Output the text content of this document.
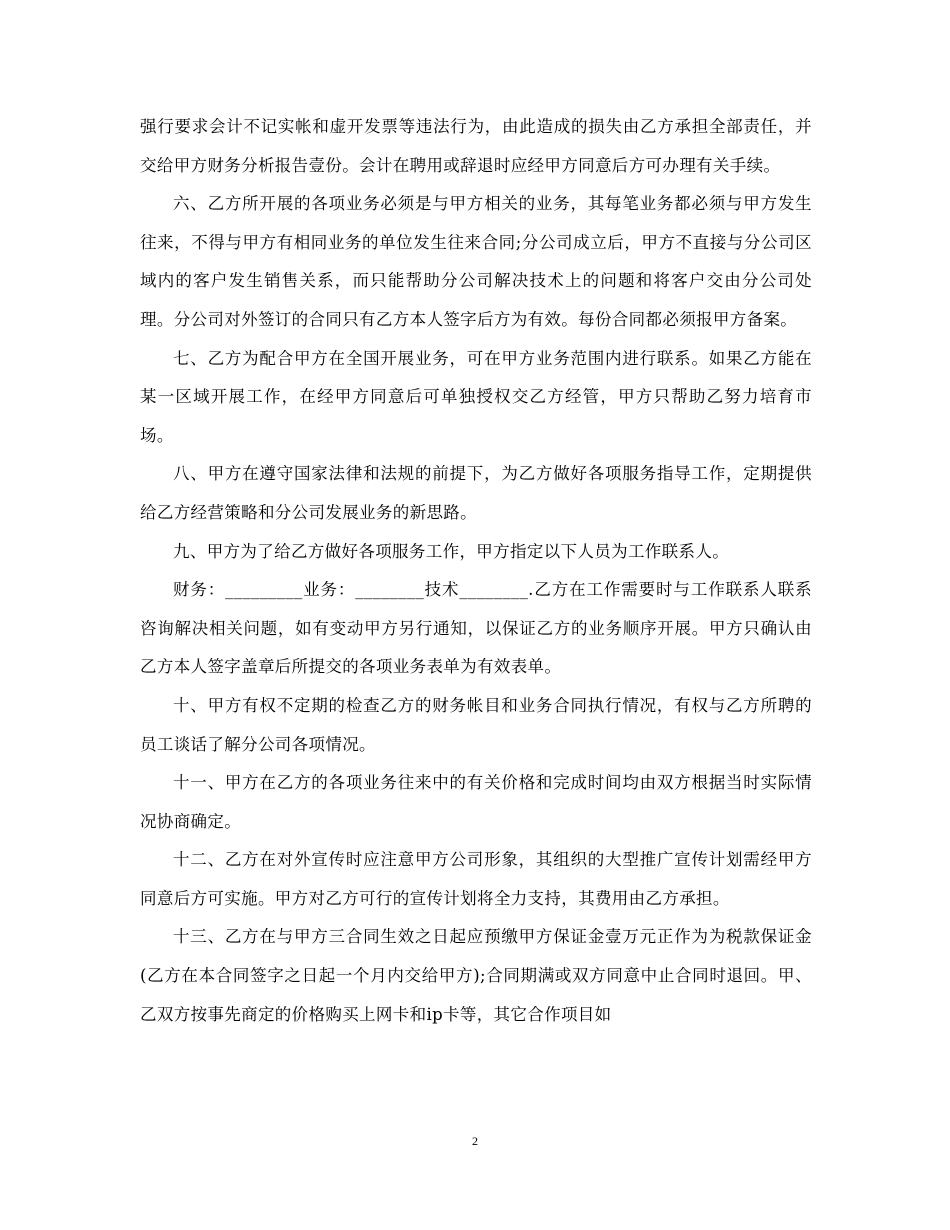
强行要求会计不记实帐和虚开发票等违法行为，由此造成的损失由乙方承担全部责任，并交给甲方财务分析报告壹份。会计在聘用或辞退时应经甲方同意后方可办理有关手续。

六、乙方所开展的各项业务必须是与甲方相关的业务，其每笔业务都必须与甲方发生往来，不得与甲方有相同业务的单位发生往来合同;分公司成立后，甲方不直接与分公司区域内的客户发生销售关系，而只能帮助分公司解决技术上的问题和将客户交由分公司处理。分公司对外签订的合同只有乙方本人签字后方为有效。每份合同都必须报甲方备案。

七、乙方为配合甲方在全国开展业务，可在甲方业务范围内进行联系。如果乙方能在某一区域开展工作，在经甲方同意后可单独授权交乙方经管，甲方只帮助乙努力培育市场。

八、甲方在遵守国家法律和法规的前提下，为乙方做好各项服务指导工作，定期提供给乙方经营策略和分公司发展业务的新思路。

九、甲方为了给乙方做好各项服务工作，甲方指定以下人员为工作联系人。

财务：_________业务：________技术________.乙方在工作需要时与工作联系人联系咨询解决相关问题，如有变动甲方另行通知，以保证乙方的业务顺序开展。甲方只确认由乙方本人签字盖章后所提交的各项业务表单为有效表单。

十、甲方有权不定期的检查乙方的财务帐目和业务合同执行情况，有权与乙方所聘的员工谈话了解分公司各项情况。

十一、甲方在乙方的各项业务往来中的有关价格和完成时间均由双方根据当时实际情况协商确定。

十二、乙方在对外宣传时应注意甲方公司形象，其组织的大型推广宣传计划需经甲方同意后方可实施。甲方对乙方可行的宣传计划将全力支持，其费用由乙方承担。

十三、乙方在与甲方三合同生效之日起应预缴甲方保证金壹万元正作为为税款保证金(乙方在本合同签字之日起一个月内交给甲方);合同期满或双方同意中止合同时退回。甲、乙双方按事先商定的价格购买上网卡和ip卡等，其它合作项目如

2
